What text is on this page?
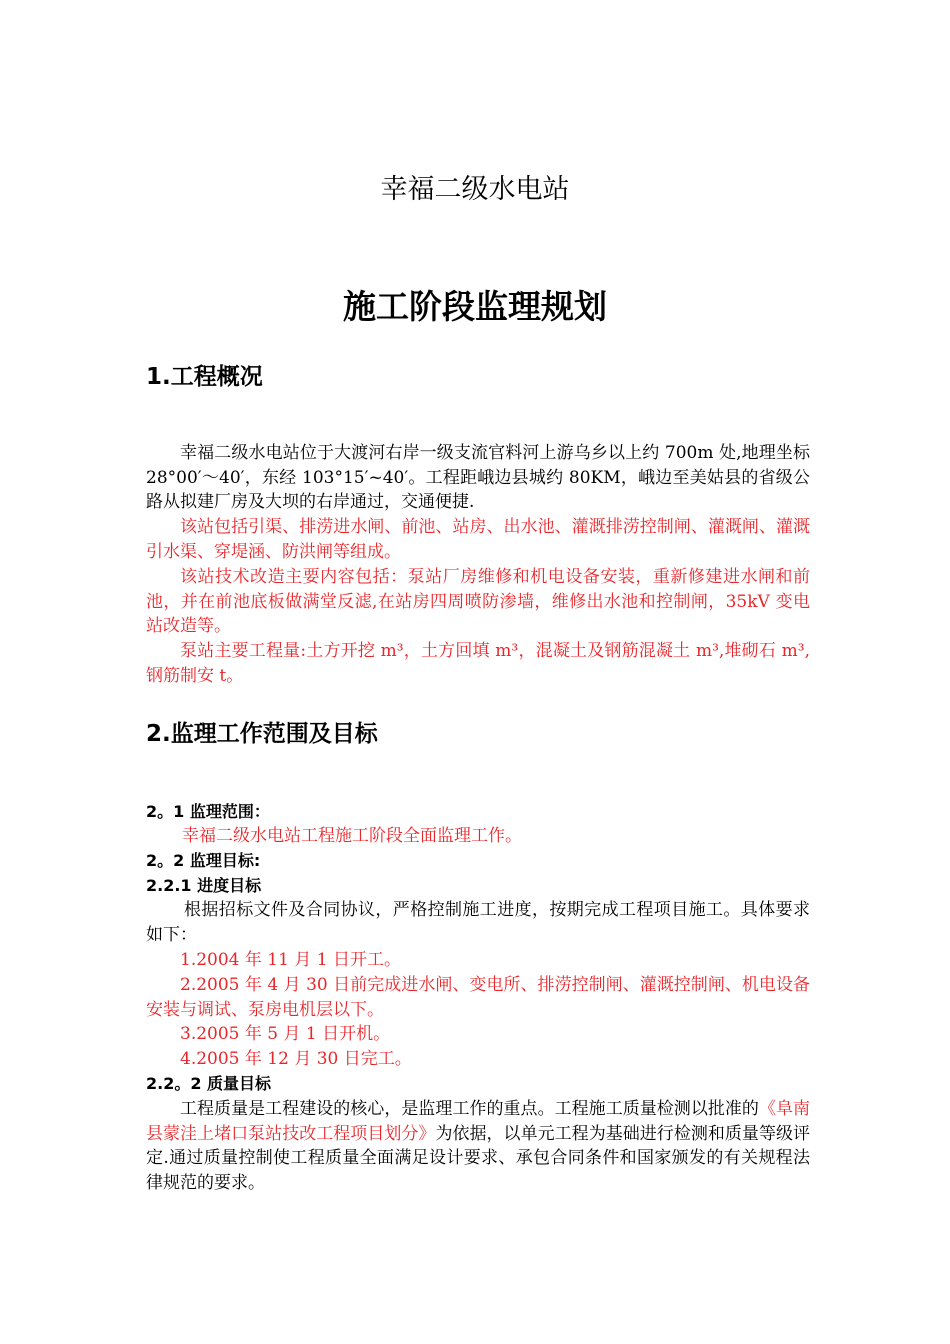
幸福二级水电站
施工阶段监理规划
1.工程概况
幸福二级水电站位于大渡河右岸一级支流官料河上游乌乡以上约 700m 处,地理坐标 28°00′～40′，东经 103°15′~40′。工程距峨边县城约 80KM，峨边至美姑县的省级公路从拟建厂房及大坝的右岸通过，交通便捷.
该站包括引渠、排涝进水闸、前池、站房、出水池、灌溉排涝控制闸、灌溉闸、灌溉引水渠、穿堤涵、防洪闸等组成。
该站技术改造主要内容包括：泵站厂房维修和机电设备安装，重新修建进水闸和前池，并在前池底板做满堂反滤,在站房四周喷防渗墙，维修出水池和控制闸，35kV 变电站改造等。
泵站主要工程量:土方开挖 m³，土方回填 m³，混凝土及钢筋混凝土 m³,堆砌石 m³,钢筋制安 t。
2.监理工作范围及目标
2。1 监理范围：
幸福二级水电站工程施工阶段全面监理工作。
2。2 监理目标:
2.2.1 进度目标
根据招标文件及合同协议，严格控制施工进度，按期完成工程项目施工。具体要求如下：
1.2004 年 11 月 1 日开工。
2.2005 年 4 月 30 日前完成进水闸、变电所、排涝控制闸、灌溉控制闸、机电设备安装与调试、泵房电机层以下。
3.2005 年 5 月 1 日开机。
4.2005 年 12 月 30 日完工。
2.2。2 质量目标
工程质量是工程建设的核心，是监理工作的重点。工程施工质量检测以批准的《阜南县蒙洼上堵口泵站技改工程项目划分》为依据，以单元工程为基础进行检测和质量等级评定.通过质量控制使工程质量全面满足设计要求、承包合同条件和国家颁发的有关规程法律规范的要求。
